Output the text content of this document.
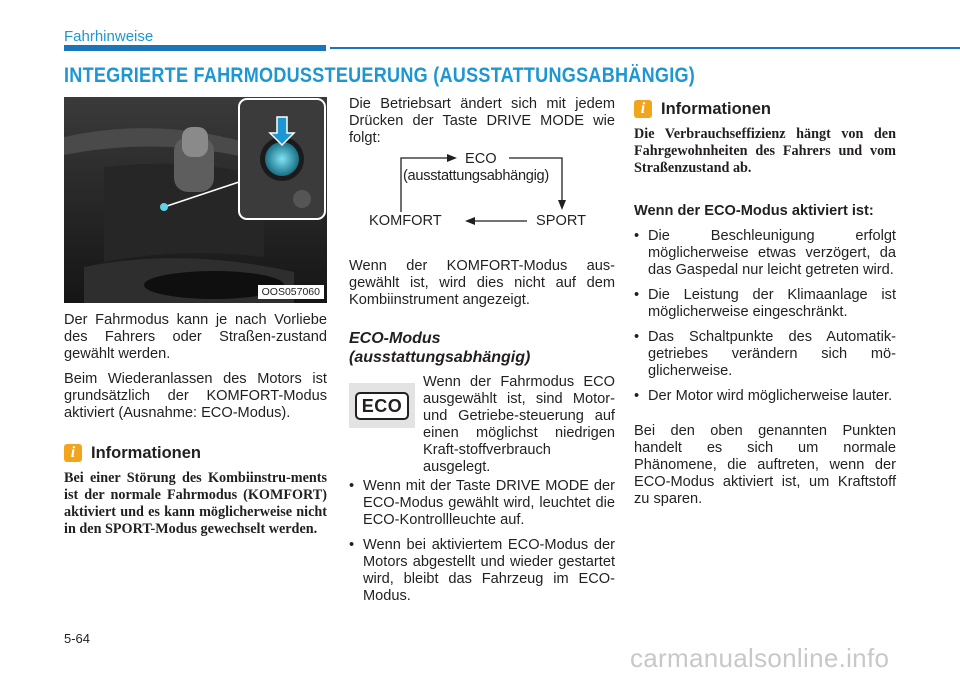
Fahrhinweise
INTEGRIERTE FAHRMODUSSTEUERUNG (AUSSTATTUNGSABHÄNGIG)
OOS057060

Der Fahrmodus kann je nach Vorliebe des Fahrers oder Straßen-zustand gewählt werden.

Beim Wiederanlassen des Motors ist grundsätzlich der KOMFORT-Modus aktiviert (Ausnahme: ECO-Modus).

i Informationen

Bei einer Störung des Kombiinstru-ments ist der normale Fahrmodus (KOMFORT) aktiviert und es kann möglicherweise nicht in den SPORT-Modus gewechselt werden.

Die Betriebsart ändert sich mit jedem Drücken der Taste DRIVE MODE wie folgt:

ECO
(ausstattungsabhängig)
KOMFORT	SPORT

Wenn der KOMFORT-Modus aus-gewählt ist, wird dies nicht auf dem Kombiinstrument angezeigt.

ECO-Modus
(ausstattungsabhängig)
ECO
Wenn der Fahrmodus ECO ausgewählt ist, sind Motor- und Getriebe-steuerung auf einen möglichst niedrigen Kraft-stoffverbrauch ausgelegt.
• Wenn mit der Taste DRIVE MODE der ECO-Modus gewählt wird, leuchtet die ECO-Kontrollleuchte auf.
• Wenn bei aktiviertem ECO-Modus der Motors abgestellt und wieder gestartet wird, bleibt das Fahrzeug im ECO-Modus.
i Informationen

Die Verbrauchseffizienz hängt von den Fahrgewohnheiten des Fahrers und vom Straßenzustand ab.

Wenn der ECO-Modus aktiviert ist:

• Die Beschleunigung erfolgt möglicherweise etwas verzögert, da das Gaspedal nur leicht getreten wird.
• Die Leistung der Klimaanlage ist möglicherweise eingeschränkt.
• Das Schaltpunkte des Automatik-getriebes verändern sich mö-glicherweise.
• Der Motor wird möglicherweise lauter.

Bei den oben genannten Punkten handelt es sich um normale Phänomene, die auftreten, wenn der ECO-Modus aktiviert ist, um Kraftstoff zu sparen.

5-64
carmanualsonline.info
